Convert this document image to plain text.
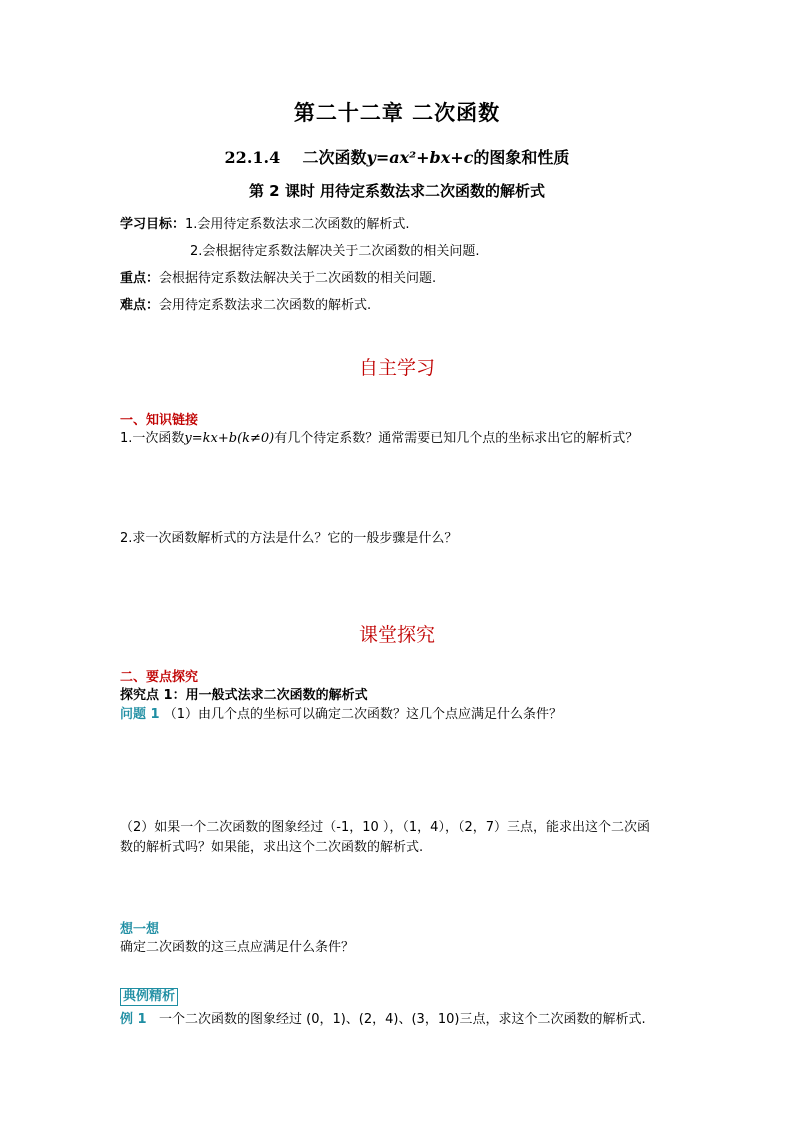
第二十二章 二次函数
22.1.4 二次函数y=ax²+bx+c的图象和性质
第 2 课时 用待定系数法求二次函数的解析式
学习目标：1.会用待定系数法求二次函数的解析式.
2.会根据待定系数法解决关于二次函数的相关问题.
重点：会根据待定系数法解决关于二次函数的相关问题.
难点：会用待定系数法求二次函数的解析式.
自主学习
一、知识链接
1.一次函数y=kx+b(k≠0)有几个待定系数？通常需要已知几个点的坐标求出它的解析式？
2.求一次函数解析式的方法是什么？它的一般步骤是什么？
课堂探究
二、要点探究
探究点 1：用一般式法求二次函数的解析式
问题 1 （1）由几个点的坐标可以确定二次函数？这几个点应满足什么条件？
（2）如果一个二次函数的图象经过（-1，10 ），（1，4），（2，7）三点，能求出这个二次函
数的解析式吗？如果能，求出这个二次函数的解析式.
想一想
确定二次函数的这三点应满足什么条件？
典例精析
例 1 一个二次函数的图象经过 (0，1)、(2，4)、(3，10)三点，求这个二次函数的解析式.
